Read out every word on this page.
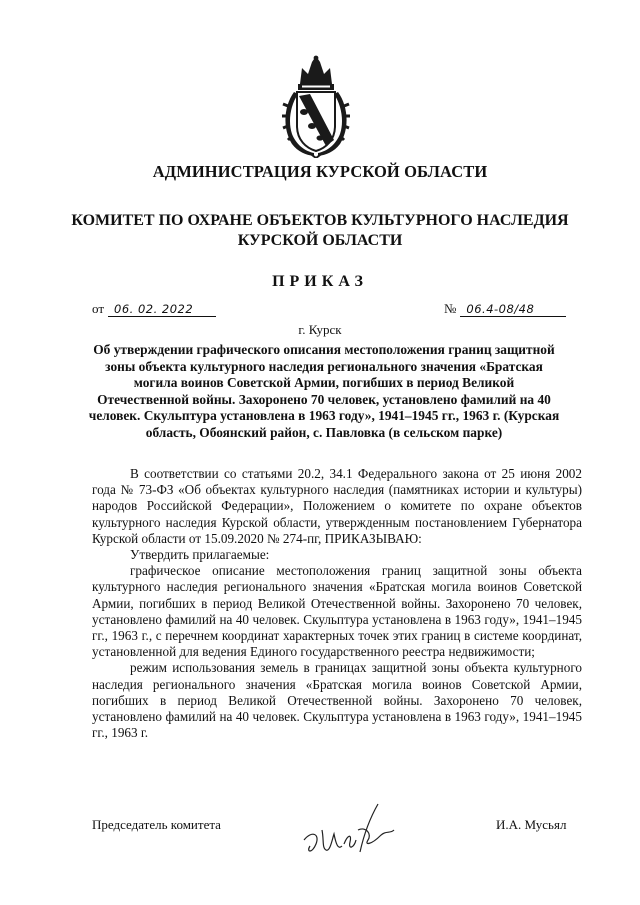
АДМИНИСТРАЦИЯ КУРСКОЙ ОБЛАСТИ
КОМИТЕТ ПО ОХРАНЕ ОБЪЕКТОВ КУЛЬТУРНОГО НАСЛЕДИЯ
КУРСКОЙ ОБЛАСТИ
ПРИКАЗ
от 06. 02. 2022	№ 06.4-08/48
г. Курск
Об утверждении графического описания местоположения границ защитной зоны объекта культурного наследия регионального значения «Братская могила воинов Советской Армии, погибших в период Великой Отечественной войны. Захоронено 70 человек, установлено фамилий на 40 человек. Скульптура установлена в 1963 году», 1941–1945 гг., 1963 г. (Курская область, Обоянский район, с. Павловка (в сельском парке)

В соответствии со статьями 20.2, 34.1 Федерального закона от 25 июня 2002 года № 73-ФЗ «Об объектах культурного наследия (памятниках истории и культуры) народов Российской Федерации», Положением о комитете по охране объектов культурного наследия Курской области, утвержденным постановлением Губернатора Курской области от 15.09.2020 № 274-пг, ПРИКАЗЫВАЮ:

Утвердить прилагаемые:

графическое описание местоположения границ защитной зоны объекта культурного наследия регионального значения «Братская могила воинов Советской Армии, погибших в период Великой Отечественной войны. Захоронено 70 человек, установлено фамилий на 40 человек. Скульптура установлена в 1963 году», 1941–1945 гг., 1963 г., с перечнем координат характерных точек этих границ в системе координат, установленной для ведения Единого государственного реестра недвижимости;

режим использования земель в границах защитной зоны объекта культурного наследия регионального значения «Братская могила воинов Советской Армии, погибших в период Великой Отечественной войны. Захоронено 70 человек, установлено фамилий на 40 человек. Скульптура установлена в 1963 году», 1941–1945 гг., 1963 г.

Председатель комитета	И.А. Мусьял
